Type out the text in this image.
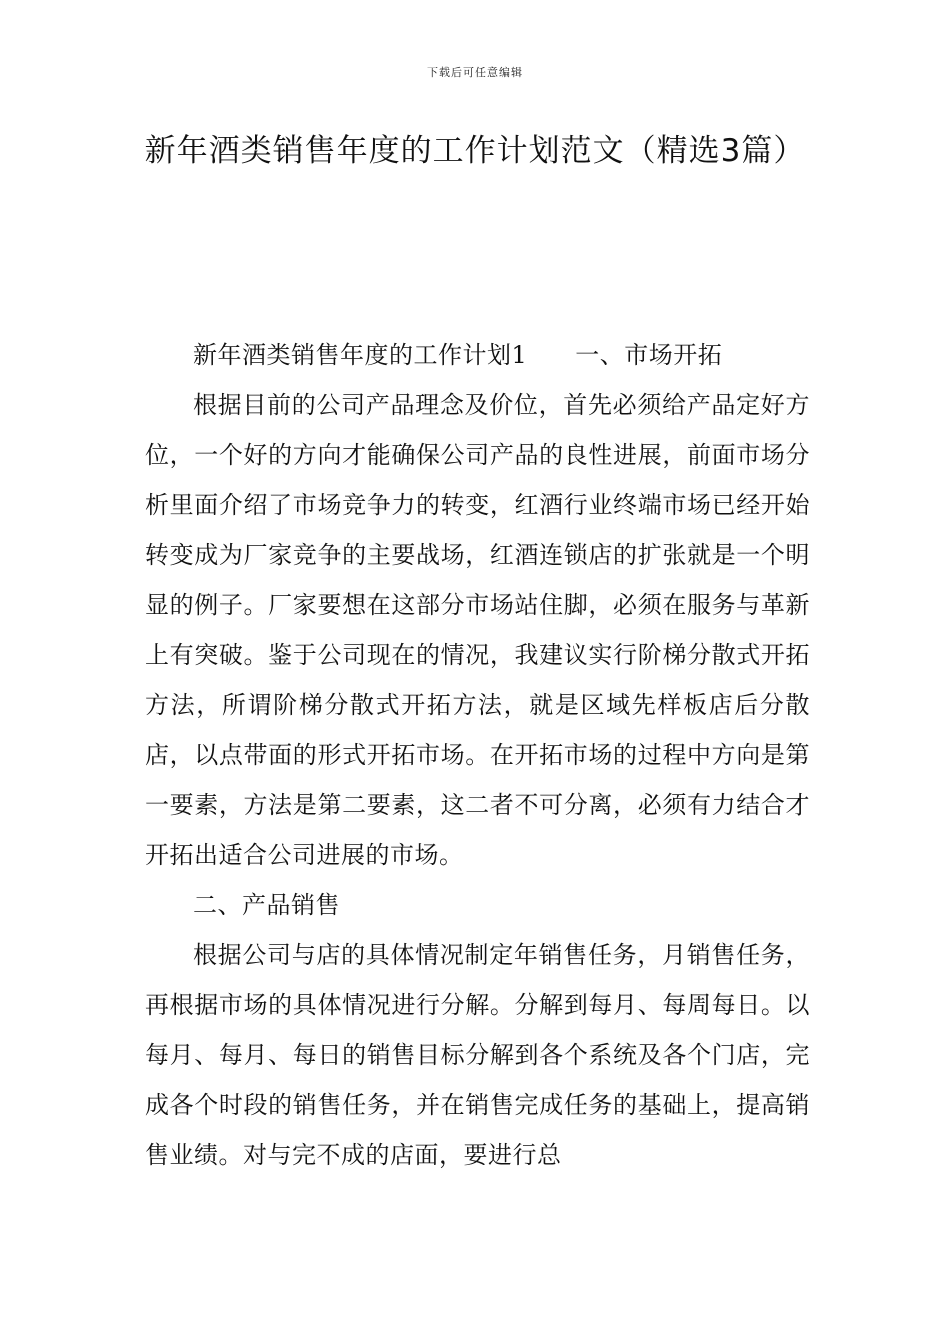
下载后可任意编辑
新年酒类销售年度的工作计划范文（精选3篇）

新年酒类销售年度的工作计划1 一、市场开拓

根据目前的公司产品理念及价位，首先必须给产品定好方位，一个好的方向才能确保公司产品的良性进展，前面市场分析里面介绍了市场竞争力的转变，红酒行业终端市场已经开始转变成为厂家竞争的主要战场，红酒连锁店的扩张就是一个明显的例子。厂家要想在这部分市场站住脚，必须在服务与革新上有突破。鉴于公司现在的情况，我建议实行阶梯分散式开拓方法，所谓阶梯分散式开拓方法，就是区域先样板店后分散店，以点带面的形式开拓市场。在开拓市场的过程中方向是第一要素，方法是第二要素，这二者不可分离，必须有力结合才开拓出适合公司进展的市场。

二、产品销售

根据公司与店的具体情况制定年销售任务，月销售任务，再根据市场的具体情况进行分解。分解到每月、每周每日。以每月、每月、每日的销售目标分解到各个系统及各个门店，完成各个时段的销售任务，并在销售完成任务的基础上，提高销售业绩。对与完不成的店面，要进行总
